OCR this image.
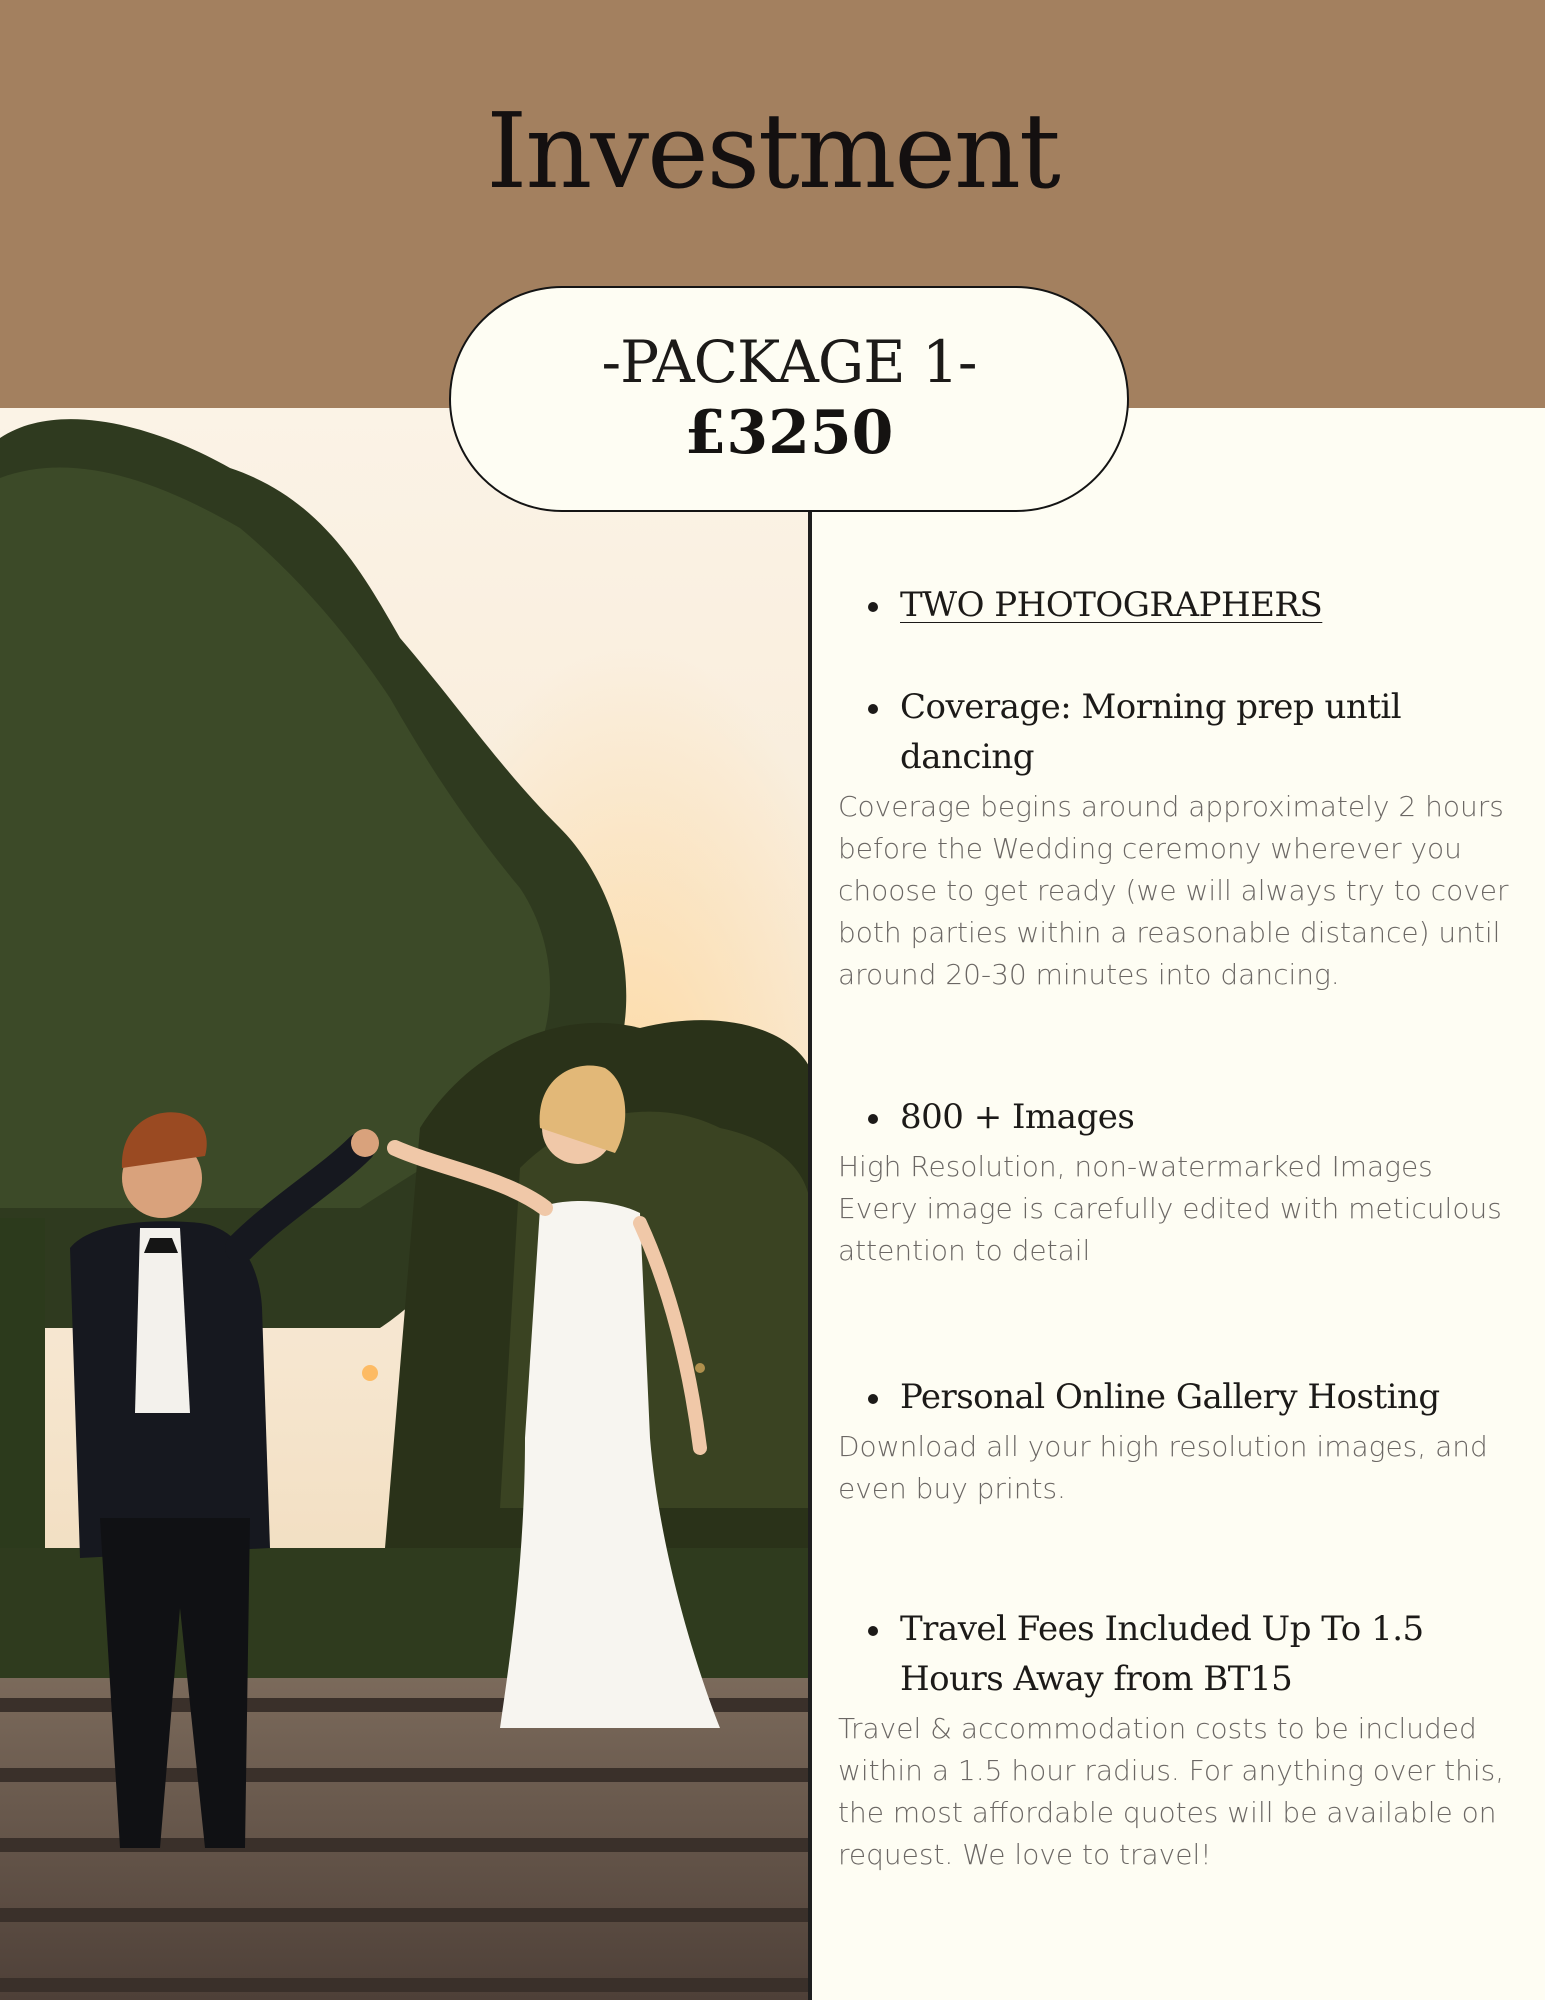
Investment
- PACKAGE 1 -
£3250
TWO PHOTOGRAPHERS
Coverage: Morning prep until dancing
Coverage begins around approximately 2 hours before the Wedding ceremony wherever you choose to get ready (we will always try to cover both parties within a reasonable distance) until around 20-30 minutes into dancing.
800 + Images
High Resolution, non-watermarked Images Every image is carefully edited with meticulous attention to detail
Personal Online Gallery Hosting
Download all your high resolution images, and even buy prints.
Travel Fees Included Up To 1.5 Hours Away from BT15
Travel & accommodation costs to be included within a 1.5 hour radius. For anything over this, the most affordable quotes will be available on request. We love to travel!
